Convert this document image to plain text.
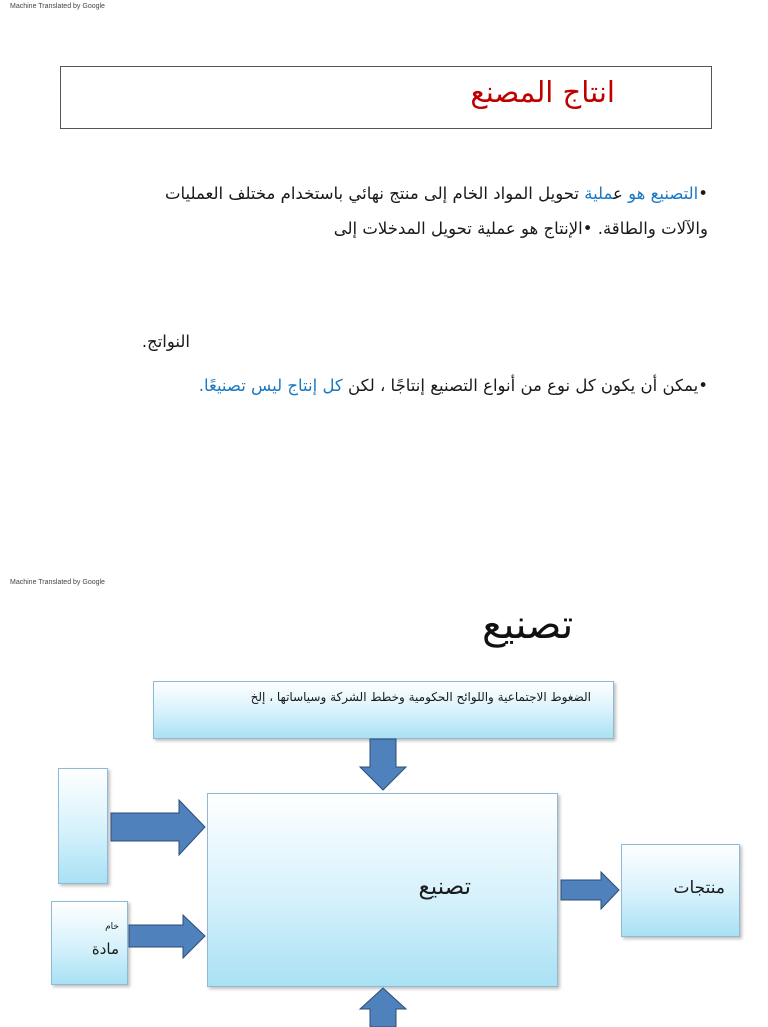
Machine Translated by Google
انتاج المصنع
•التصنيع هو عملية تحويل المواد الخام إلى منتج نهائي باستخدام مختلف العمليات
والآلات والطاقة. •الإنتاج هو عملية تحويل المدخلات إلى
النواتج.
•يمكن أن يكون كل نوع من أنواع التصنيع إنتاجًا ، لكن كل إنتاج ليس تصنيعًا.
Machine Translated by Google
تصنيع
الضغوط الاجتماعية واللوائح الحكومية وخطط الشركة وسياساتها ، إلخ
خام
مادة
تصنيع	منتجات
